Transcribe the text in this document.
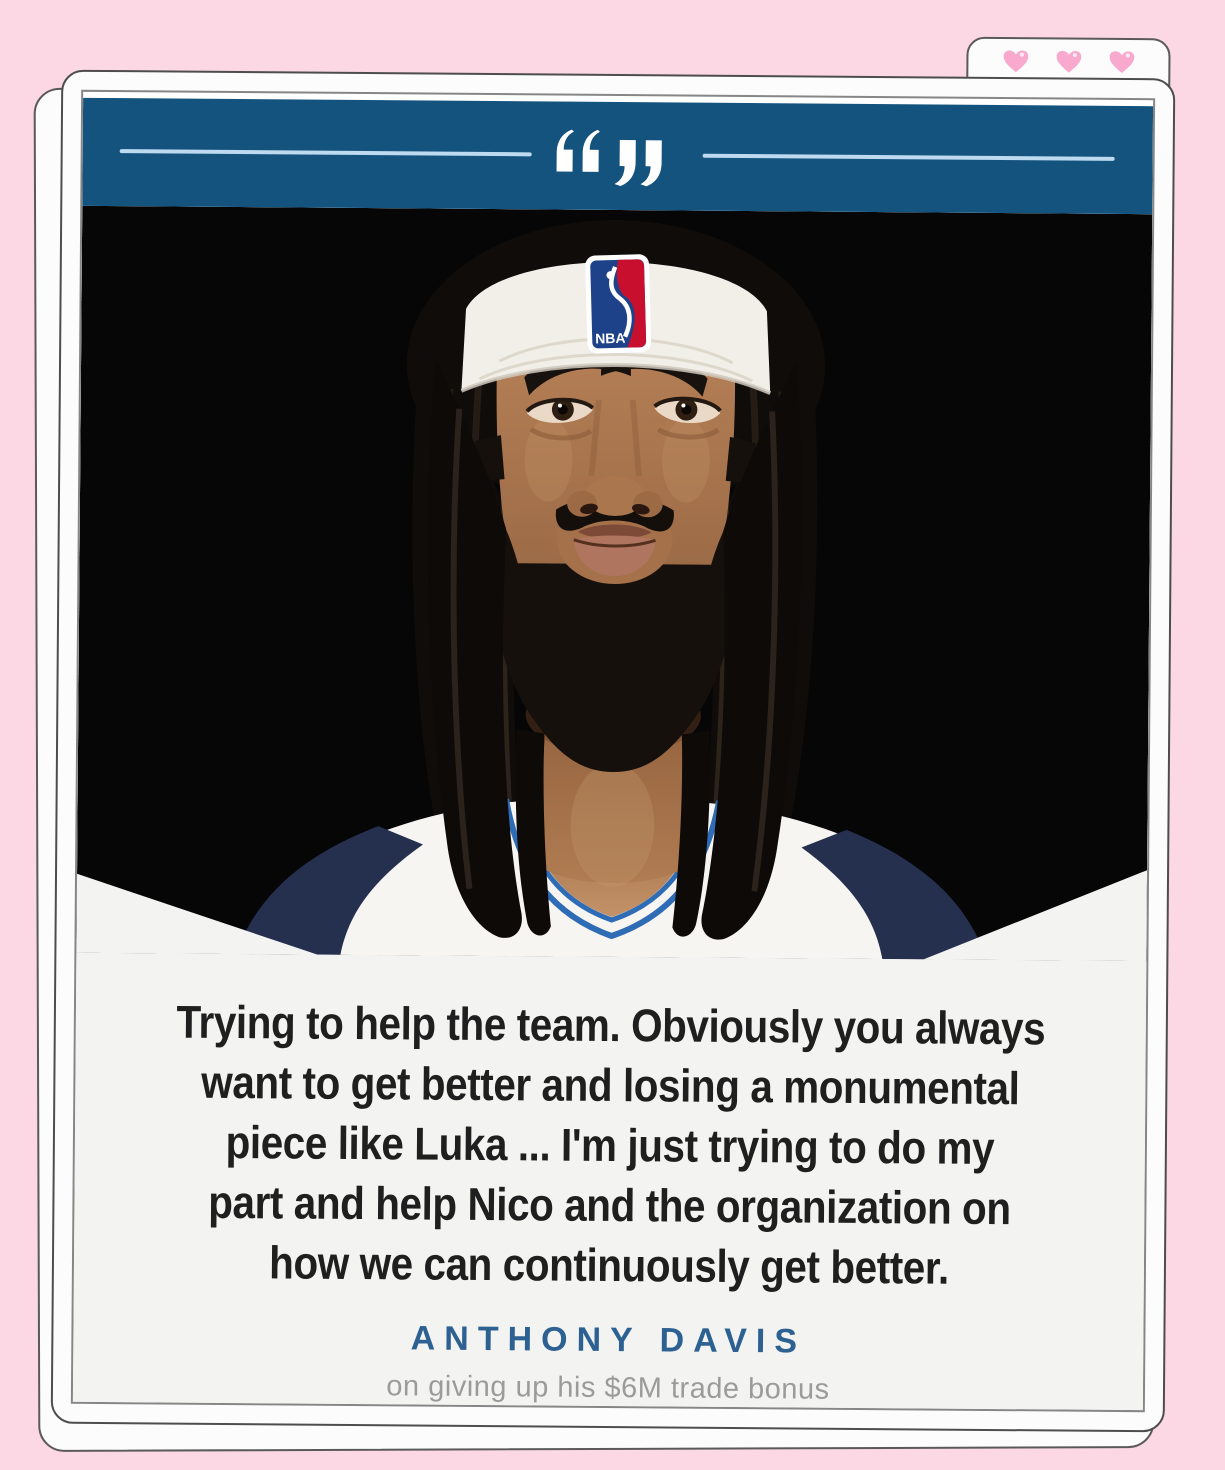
NBA
Trying to help the team. Obviously you always
want to get better and losing a monumental
piece like Luka ... I'm just trying to do my
part and help Nico and the organization on
how we can continuously get better.
ANTHONY DAVIS
on giving up his $6M trade bonus
